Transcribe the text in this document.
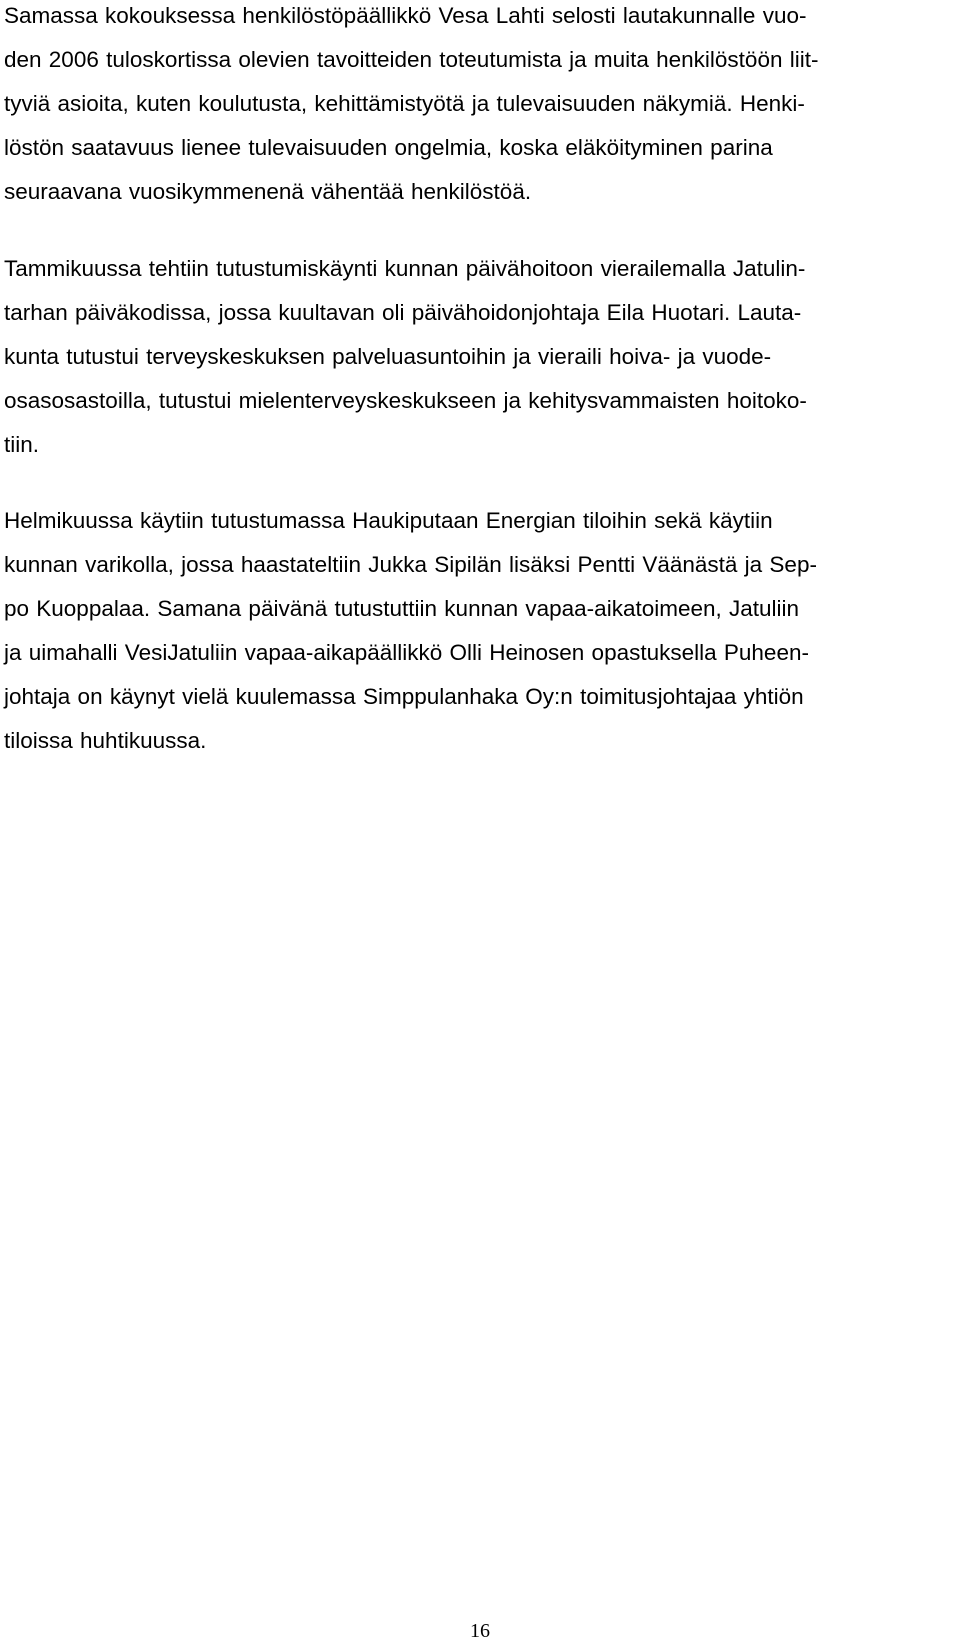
Samassa kokouksessa henkilöstöpäällikkö Vesa Lahti selosti lautakunnalle vuo-
den 2006 tuloskortissa olevien tavoitteiden toteutumista ja muita henkilöstöön liit-
tyviä asioita, kuten koulutusta, kehittämistyötä ja tulevaisuuden näkymiä. Henki-
löstön saatavuus lienee tulevaisuuden ongelmia, koska eläköityminen parina
seuraavana vuosikymmenenä vähentää henkilöstöä.
Tammikuussa tehtiin tutustumiskäynti kunnan päivähoitoon vierailemalla Jatulin-
tarhan päiväkodissa, jossa kuultavan oli päivähoidonjohtaja Eila Huotari. Lauta-
kunta tutustui terveyskeskuksen palveluasuntoihin ja vieraili hoiva- ja vuode-
osasosastoilla, tutustui mielenterveyskeskukseen ja kehitysvammaisten hoitoko-
tiin.
Helmikuussa käytiin tutustumassa Haukiputaan Energian tiloihin sekä käytiin
kunnan varikolla, jossa haastateltiin Jukka Sipilän lisäksi Pentti Väänästä ja Sep-
po Kuoppalaa. Samana päivänä tutustuttiin kunnan vapaa-aikatoimeen, Jatuliin
ja uimahalli VesiJatuliin vapaa-aikapäällikkö Olli Heinosen opastuksella Puheen-
johtaja on käynyt vielä kuulemassa Simppulanhaka Oy:n toimitusjohtajaa yhtiön
tiloissa huhtikuussa.
16
